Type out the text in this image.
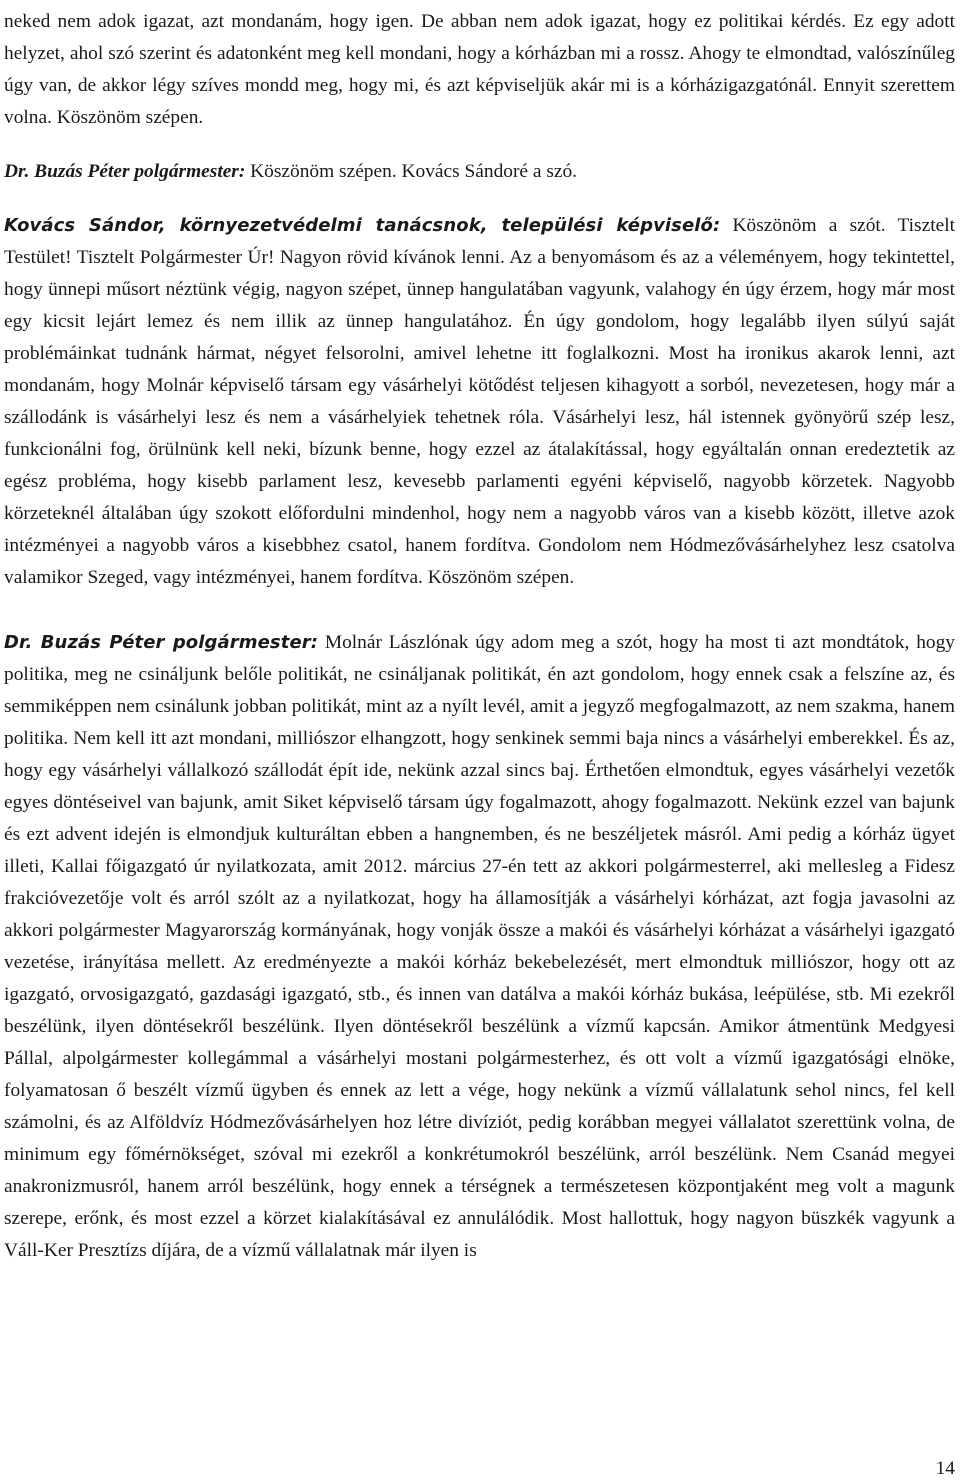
neked nem adok igazat, azt mondanám, hogy igen. De abban nem adok igazat, hogy ez politikai kérdés. Ez egy adott helyzet, ahol szó szerint és adatonként meg kell mondani, hogy a kórházban mi a rossz. Ahogy te elmondtad, valószínűleg úgy van, de akkor légy szíves mondd meg, hogy mi, és azt képviseljük akár mi is a kórházigazgatónál. Ennyit szerettem volna. Köszönöm szépen.

Dr. Buzás Péter polgármester: Köszönöm szépen. Kovács Sándoré a szó.

Kovács Sándor, környezetvédelmi tanácsnok, települési képviselő: Köszönöm a szót. Tisztelt Testület! Tisztelt Polgármester Úr! Nagyon rövid kívánok lenni. Az a benyomásom és az a véleményem, hogy tekintettel, hogy ünnepi műsort néztünk végig, nagyon szépet, ünnep hangulatában vagyunk, valahogy én úgy érzem, hogy már most egy kicsit lejárt lemez és nem illik az ünnep hangulatához. Én úgy gondolom, hogy legalább ilyen súlyú saját problémáinkat tudnánk hármat, négyet felsorolni, amivel lehetne itt foglalkozni. Most ha ironikus akarok lenni, azt mondanám, hogy Molnár képviselő társam egy vásárhelyi kötődést teljesen kihagyott a sorból, nevezetesen, hogy már a szállodánk is vásárhelyi lesz és nem a vásárhelyiek tehetnek róla. Vásárhelyi lesz, hál istennek gyönyörű szép lesz, funkcionálni fog, örülnünk kell neki, bízunk benne, hogy ezzel az átalakítással, hogy egyáltalán onnan eredeztetik az egész probléma, hogy kisebb parlament lesz, kevesebb parlamenti egyéni képviselő, nagyobb körzetek. Nagyobb körzeteknél általában úgy szokott előfordulni mindenhol, hogy nem a nagyobb város van a kisebb között, illetve azok intézményei a nagyobb város a kisebbhez csatol, hanem fordítva. Gondolom nem Hódmezővásárhelyhez lesz csatolva valamikor Szeged, vagy intézményei, hanem fordítva. Köszönöm szépen.

Dr. Buzás Péter polgármester: Molnár Lászlónak úgy adom meg a szót, hogy ha most ti azt mondtátok, hogy politika, meg ne csináljunk belőle politikát, ne csináljanak politikát, én azt gondolom, hogy ennek csak a felszíne az, és semmiképpen nem csinálunk jobban politikát, mint az a nyílt levél, amit a jegyző megfogalmazott, az nem szakma, hanem politika. Nem kell itt azt mondani, milliószor elhangzott, hogy senkinek semmi baja nincs a vásárhelyi emberekkel. És az, hogy egy vásárhelyi vállalkozó szállodát épít ide, nekünk azzal sincs baj. Érthetően elmondtuk, egyes vásárhelyi vezetők egyes döntéseivel van bajunk, amit Siket képviselő társam úgy fogalmazott, ahogy fogalmazott. Nekünk ezzel van bajunk és ezt advent idején is elmondjuk kulturáltan ebben a hangnemben, és ne beszéljetek másról. Ami pedig a kórház ügyet illeti, Kallai főigazgató úr nyilatkozata, amit 2012. március 27-én tett az akkori polgármesterrel, aki mellesleg a Fidesz frakcióvezetője volt és arról szólt az a nyilatkozat, hogy ha államosítják a vásárhelyi kórházat, azt fogja javasolni az akkori polgármester Magyarország kormányának, hogy vonják össze a makói és vásárhelyi kórházat a vásárhelyi igazgató vezetése, irányítása mellett. Az eredményezte a makói kórház bekebelezését, mert elmondtuk milliószor, hogy ott az igazgató, orvosigazgató, gazdasági igazgató, stb., és innen van datálva a makói kórház bukása, leépülése, stb. Mi ezekről beszélünk, ilyen döntésekről beszélünk. Ilyen döntésekről beszélünk a vízmű kapcsán. Amikor átmentünk Medgyesi Pállal, alpolgármester kollegámmal a vásárhelyi mostani polgármesterhez, és ott volt a vízmű igazgatósági elnöke, folyamatosan ő beszélt vízmű ügyben és ennek az lett a vége, hogy nekünk a vízmű vállalatunk sehol nincs, fel kell számolni, és az Alföldvíz Hódmezővásárhelyen hoz létre divíziót, pedig korábban megyei vállalatot szerettünk volna, de minimum egy főmérnökséget, szóval mi ezekről a konkrétumokról beszélünk, arról beszélünk. Nem Csanád megyei anakronizmusról, hanem arról beszélünk, hogy ennek a térségnek a természetesen központjaként meg volt a magunk szerepe, erőnk, és most ezzel a körzet kialakításával ez annulálódik. Most hallottuk, hogy nagyon büszkék vagyunk a Váll-Ker Presztízs díjára, de a vízmű vállalatnak már ilyen is

14
